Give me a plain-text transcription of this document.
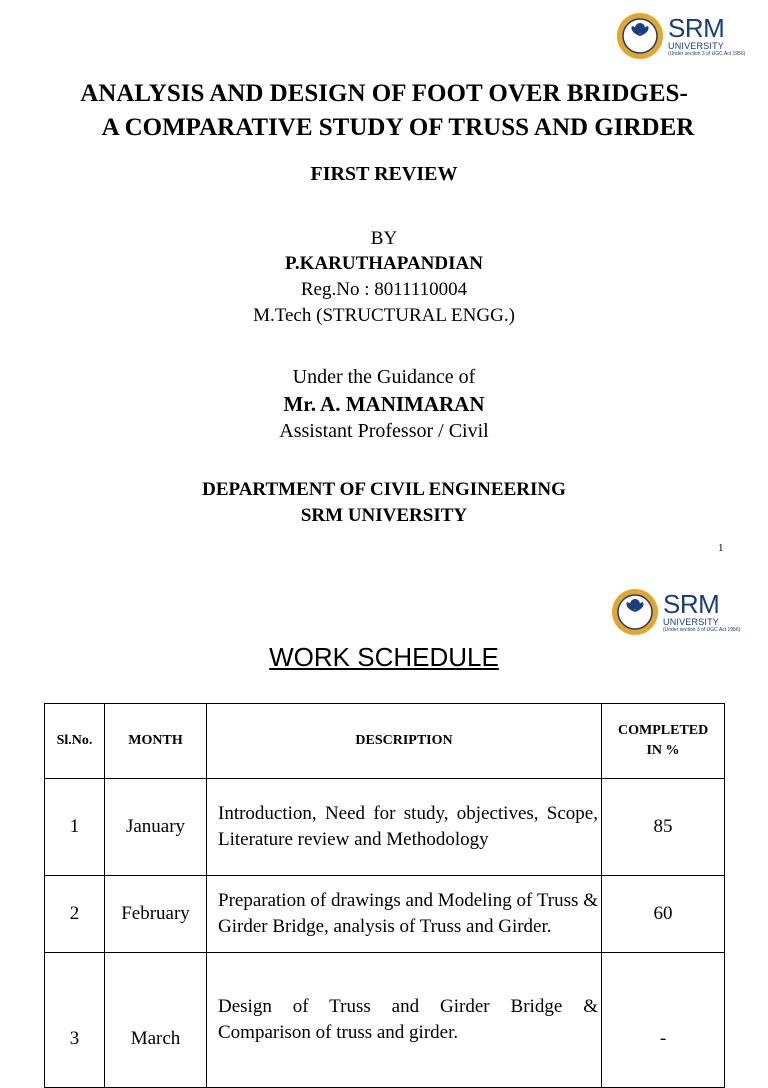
SRM
UNIVERSITY
(Under section 3 of UGC Act 1956)
ANALYSIS AND DESIGN OF FOOT OVER BRIDGES-
A COMPARATIVE STUDY OF TRUSS AND GIRDER
FIRST REVIEW
BY
P.KARUTHAPANDIAN
Reg.No : 8011110004
M.Tech (STRUCTURAL ENGG.)
Under the Guidance of
Mr. A. MANIMARAN
Assistant Professor / Civil
DEPARTMENT OF CIVIL ENGINEERING
SRM UNIVERSITY
1
SRM
UNIVERSITY
(Under section 3 of UGC Act 1956)
WORK SCHEDULE
Sl.No.	MONTH	DESCRIPTION	COMPLETED IN %
1	January	Introduction, Need for study, objectives, Scope, Literature review and Methodology	85
2	February	Preparation of drawings and Modeling of Truss & Girder Bridge, analysis of Truss and Girder.	60
3	March	Design of Truss and Girder Bridge & Comparison of truss and girder.	-
